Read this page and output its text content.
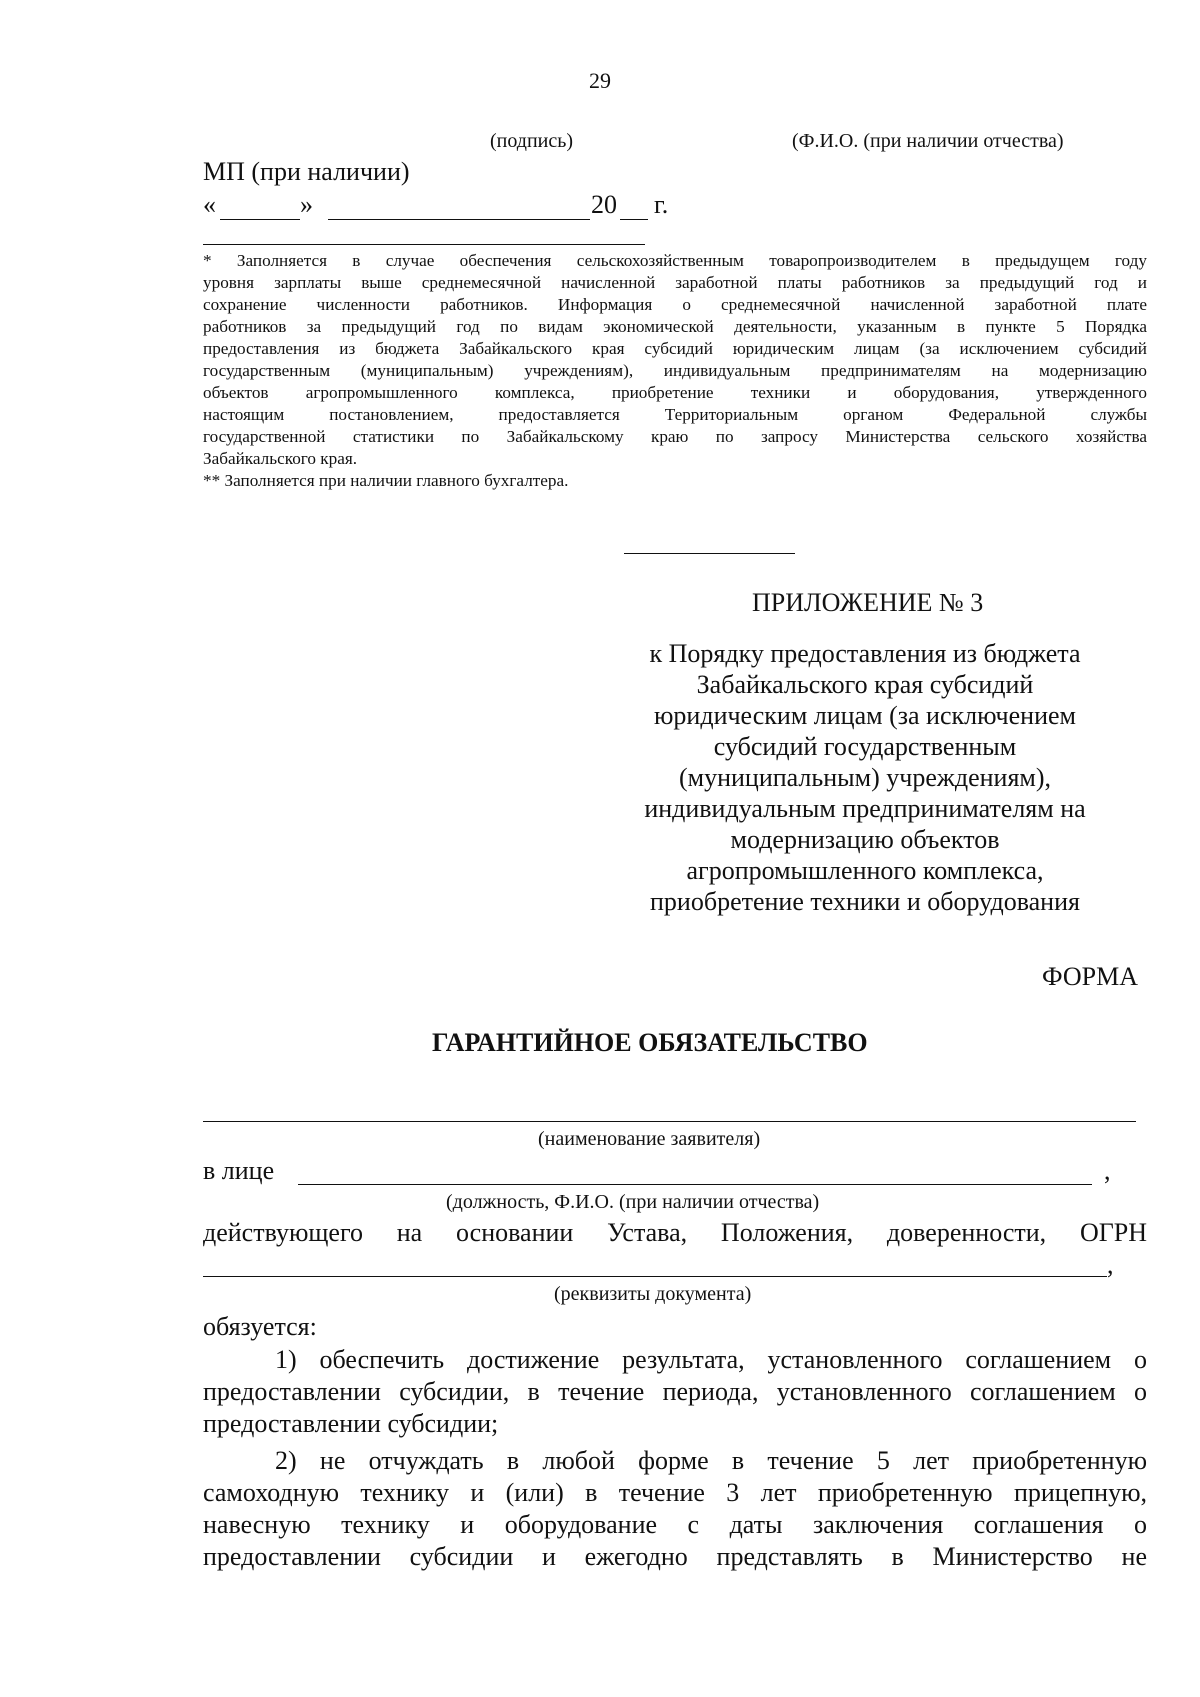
29
(подпись)	(Ф.И.О. (при наличии отчества)
МП (при наличии)
«	»	20 г.
* Заполняется в случае обеспечения сельскохозяйственным товаропроизводителем в предыдущем году
уровня зарплаты выше среднемесячной начисленной заработной платы работников за предыдущий год и
сохранение численности работников. Информация о среднемесячной начисленной заработной плате
работников за предыдущий год по видам экономической деятельности, указанным в пункте 5 Порядка
предоставления из бюджета Забайкальского края субсидий юридическим лицам (за исключением субсидий
государственным (муниципальным) учреждениям), индивидуальным предпринимателям на модернизацию
объектов агропромышленного комплекса, приобретение техники и оборудования, утвержденного
настоящим постановлением, предоставляется Территориальным органом Федеральной службы
государственной статистики по Забайкальскому краю по запросу Министерства сельского хозяйства
Забайкальского края.
** Заполняется при наличии главного бухгалтера.
ПРИЛОЖЕНИЕ № 3
к Порядку предоставления из бюджета
Забайкальского края субсидий
юридическим лицам (за исключением
субсидий государственным
(муниципальным) учреждениям),
индивидуальным предпринимателям на
модернизацию объектов
агропромышленного комплекса,
приобретение техники и оборудования
ФОРМА
ГАРАНТИЙНОЕ ОБЯЗАТЕЛЬСТВО
(наименование заявителя)
в лице	,
(должность, Ф.И.О. (при наличии отчества)
действующего на основании Устава, Положения, доверенности, ОГРН
,
(реквизиты документа)
обязуется:
1) обеспечить достижение результата, установленного соглашением о
предоставлении субсидии, в течение периода, установленного соглашением о
предоставлении субсидии;
2) не отчуждать в любой форме в течение 5 лет приобретенную
самоходную технику и (или) в течение 3 лет приобретенную прицепную,
навесную технику и оборудование с даты заключения соглашения о
предоставлении субсидии и ежегодно представлять в Министерство не
